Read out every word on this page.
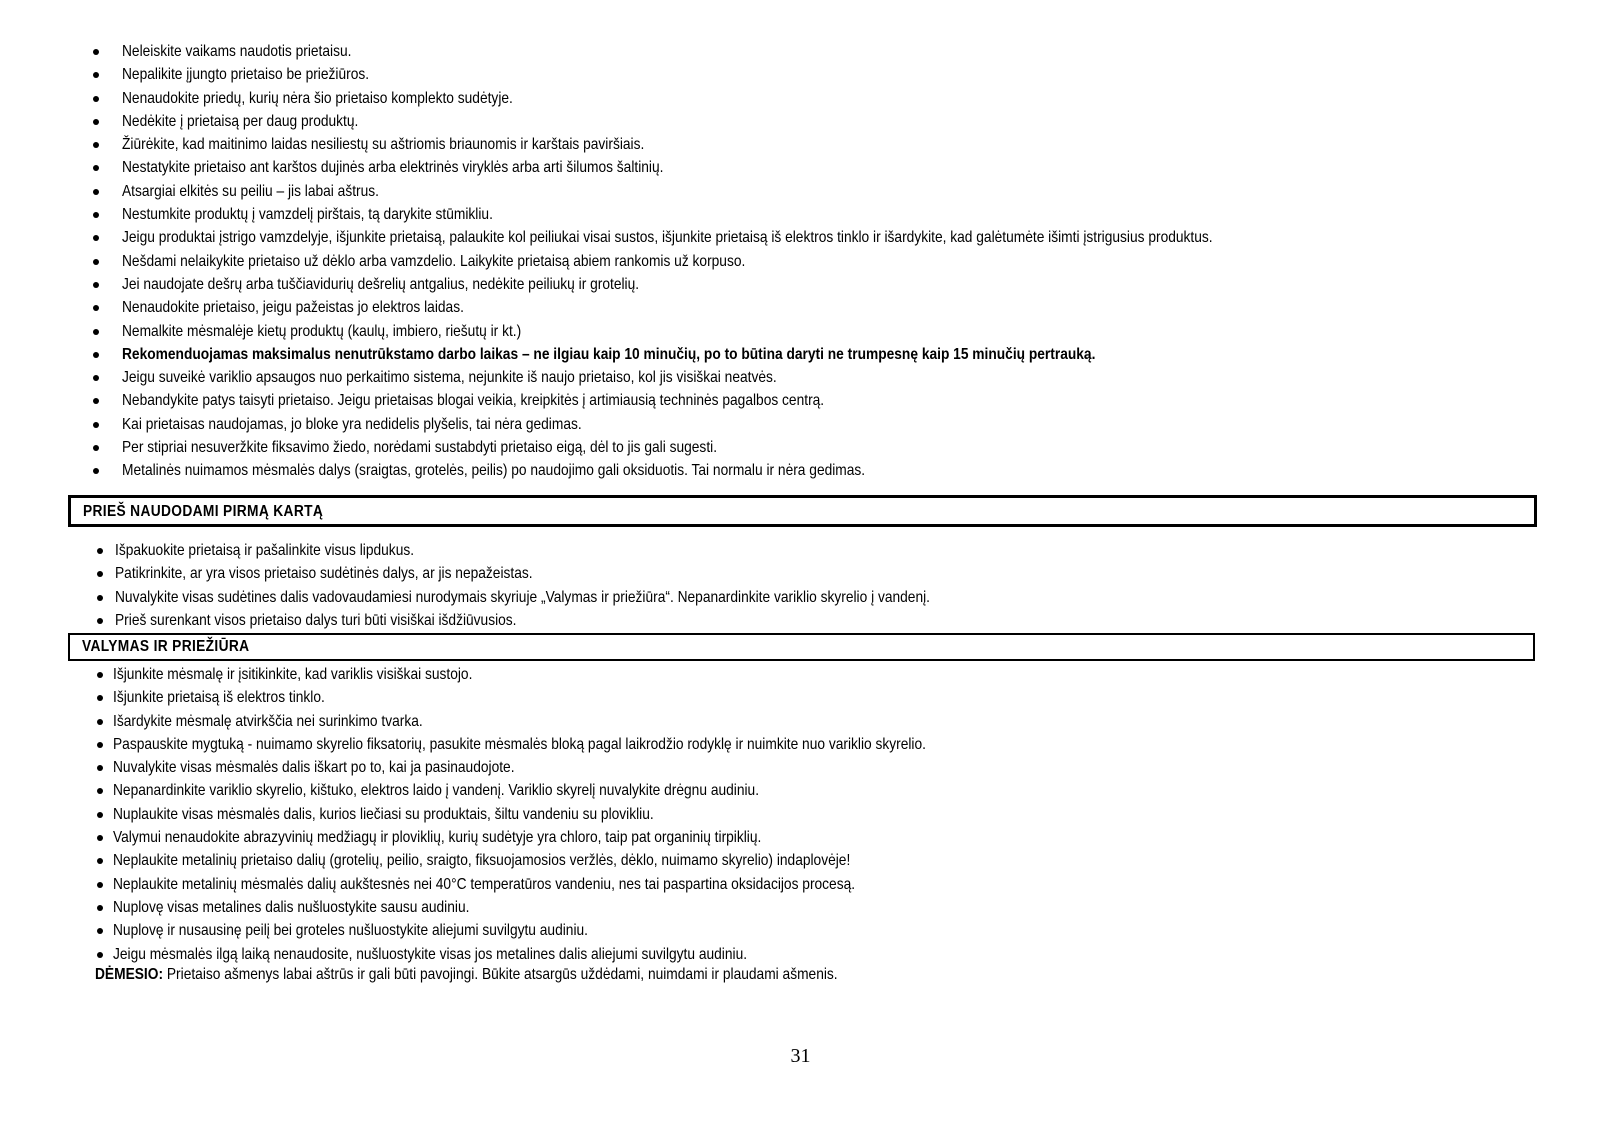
Neleiskite vaikams naudotis prietaisu.
Nepalikite įjungto prietaiso be priežiūros.
Nenaudokite priedų, kurių nėra šio prietaiso komplekto sudėtyje.
Nedėkite į prietaisą per daug produktų.
Žiūrėkite, kad maitinimo laidas nesiliestų su aštriomis briaunomis ir karštais paviršiais.
Nestatykite prietaiso ant karštos dujinės arba elektrinės viryklės arba arti šilumos šaltinių.
Atsargiai elkitės su peiliu – jis labai aštrus.
Nestumkite produktų į vamzdelį pirštais, tą darykite stūmikliu.
Jeigu produktai įstrigo vamzdelyje, išjunkite prietaisą, palaukite kol peiliukai visai sustos, išjunkite prietaisą iš elektros tinklo ir išardykite, kad galėtumėte išimti įstrigusius produktus.
Nešdami nelaikykite prietaiso už dėklo arba vamzdelio. Laikykite prietaisą abiem rankomis už korpuso.
Jei naudojate dešrų arba tuščiavidurių dešrelių antgalius, nedėkite peiliukų ir grotelių.
Nenaudokite prietaiso, jeigu pažeistas jo elektros laidas.
Nemalkite mėsmalėje kietų produktų (kaulų, imbiero, riešutų ir kt.)
Rekomenduojamas maksimalus nenutrūkstamo darbo laikas – ne ilgiau kaip 10 minučių, po to būtina daryti ne trumpesnę kaip 15 minučių pertrauką.
Jeigu suveikė variklio apsaugos nuo perkaitimo sistema, nejunkite iš naujo prietaiso, kol jis visiškai neatvės.
Nebandykite patys taisyti prietaiso. Jeigu prietaisas blogai veikia, kreipkitės į artimiausią techninės pagalbos centrą.
Kai prietaisas naudojamas, jo bloke yra nedidelis plyšelis, tai nėra gedimas.
Per stipriai nesuveržkite fiksavimo žiedo, norėdami sustabdyti prietaiso eigą, dėl to jis gali sugesti.
Metalinės nuimamos mėsmalės dalys (sraigtas, grotelės, peilis) po naudojimo gali oksiduotis. Tai normalu ir nėra gedimas.
PRIEŠ NAUDODAMI PIRMĄ KARTĄ
Išpakuokite prietaisą ir pašalinkite visus lipdukus.
Patikrinkite, ar yra visos prietaiso sudėtinės dalys, ar jis nepažeistas.
Nuvalykite visas sudėtines dalis vadovaudamiesi nurodymais skyriuje „Valymas ir priežiūra“. Nepanardinkite variklio skyrelio į vandenį.
Prieš surenkant visos prietaiso dalys turi būti visiškai išdžiūvusios.
VALYMAS IR PRIEŽIŪRA
Išjunkite mėsmalę ir įsitikinkite, kad variklis visiškai sustojo.
Išjunkite prietaisą iš elektros tinklo.
Išardykite mėsmalę atvirkščia nei surinkimo tvarka.
Paspauskite mygtuką - nuimamo skyrelio fiksatorių, pasukite mėsmalės bloką pagal laikrodžio rodyklę ir nuimkite nuo variklio skyrelio.
Nuvalykite visas mėsmalės dalis iškart po to, kai ja pasinaudojote.
Nepanardinkite variklio skyrelio, kištuko, elektros laido į vandenį. Variklio skyrelį nuvalykite drėgnu audiniu.
Nuplaukite visas mėsmalės dalis, kurios liečiasi su produktais, šiltu vandeniu su plovikliu.
Valymui nenaudokite abrazyvinių medžiagų ir ploviklių, kurių sudėtyje yra chloro, taip pat organinių tirpiklių.
Neplaukite metalinių prietaiso dalių (grotelių, peilio, sraigto, fiksuojamosios veržlės, dėklo, nuimamo skyrelio) indaplovėje!
Neplaukite metalinių mėsmalės dalių aukštesnės nei 40°C temperatūros vandeniu, nes tai paspartina oksidacijos procesą.
Nuplovę visas metalines dalis nušluostykite sausu audiniu.
Nuplovę ir nusausinę peilį bei groteles nušluostykite aliejumi suvilgytu audiniu.
Jeigu mėsmalės ilgą laiką nenaudosite, nušluostykite visas jos metalines dalis aliejumi suvilgytu audiniu.
DĖMESIO: Prietaiso ašmenys labai aštrūs ir gali būti pavojingi. Būkite atsargūs uždėdami, nuimdami ir plaudami ašmenis.
31
